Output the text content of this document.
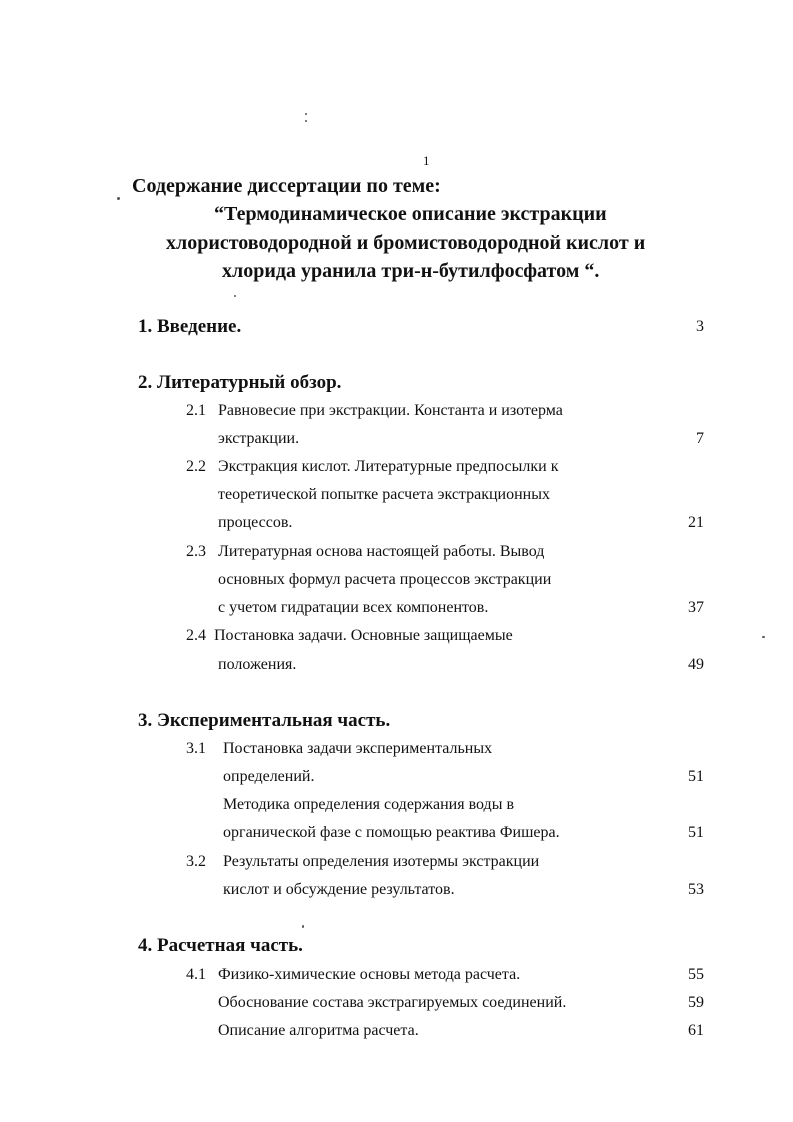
1
Содержание диссертации по теме:
“Термодинамическое описание экстракции
хлористоводородной и бромистоводородной кислот и
хлорида уранила три-н-бутилфосфатом “.
1. Введение.	3
2. Литературный обзор.
2.1 Равновесие при экстракции. Константа и изотерма
экстракции.	7
2.2 Экстракция кислот. Литературные предпосылки к
теоретической попытке расчета экстракционных
процессов.	21
2.3 Литературная основа настоящей работы. Вывод
основных формул расчета процессов экстракции
с учетом гидратации всех компонентов.	37
2.4 Постановка задачи. Основные защищаемые
положения.	49
3. Экспериментальная часть.
3.1 Постановка задачи экспериментальных
определений.	51
Методика определения содержания воды в
органической фазе с помощью реактива Фишера.	51
3.2 Результаты определения изотермы экстракции
кислот и обсуждение результатов.	53
4. Расчетная часть.
4.1 Физико-химические основы метода расчета.	55
Обоснование состава экстрагируемых соединений.	59
Описание алгоритма расчета.	61
